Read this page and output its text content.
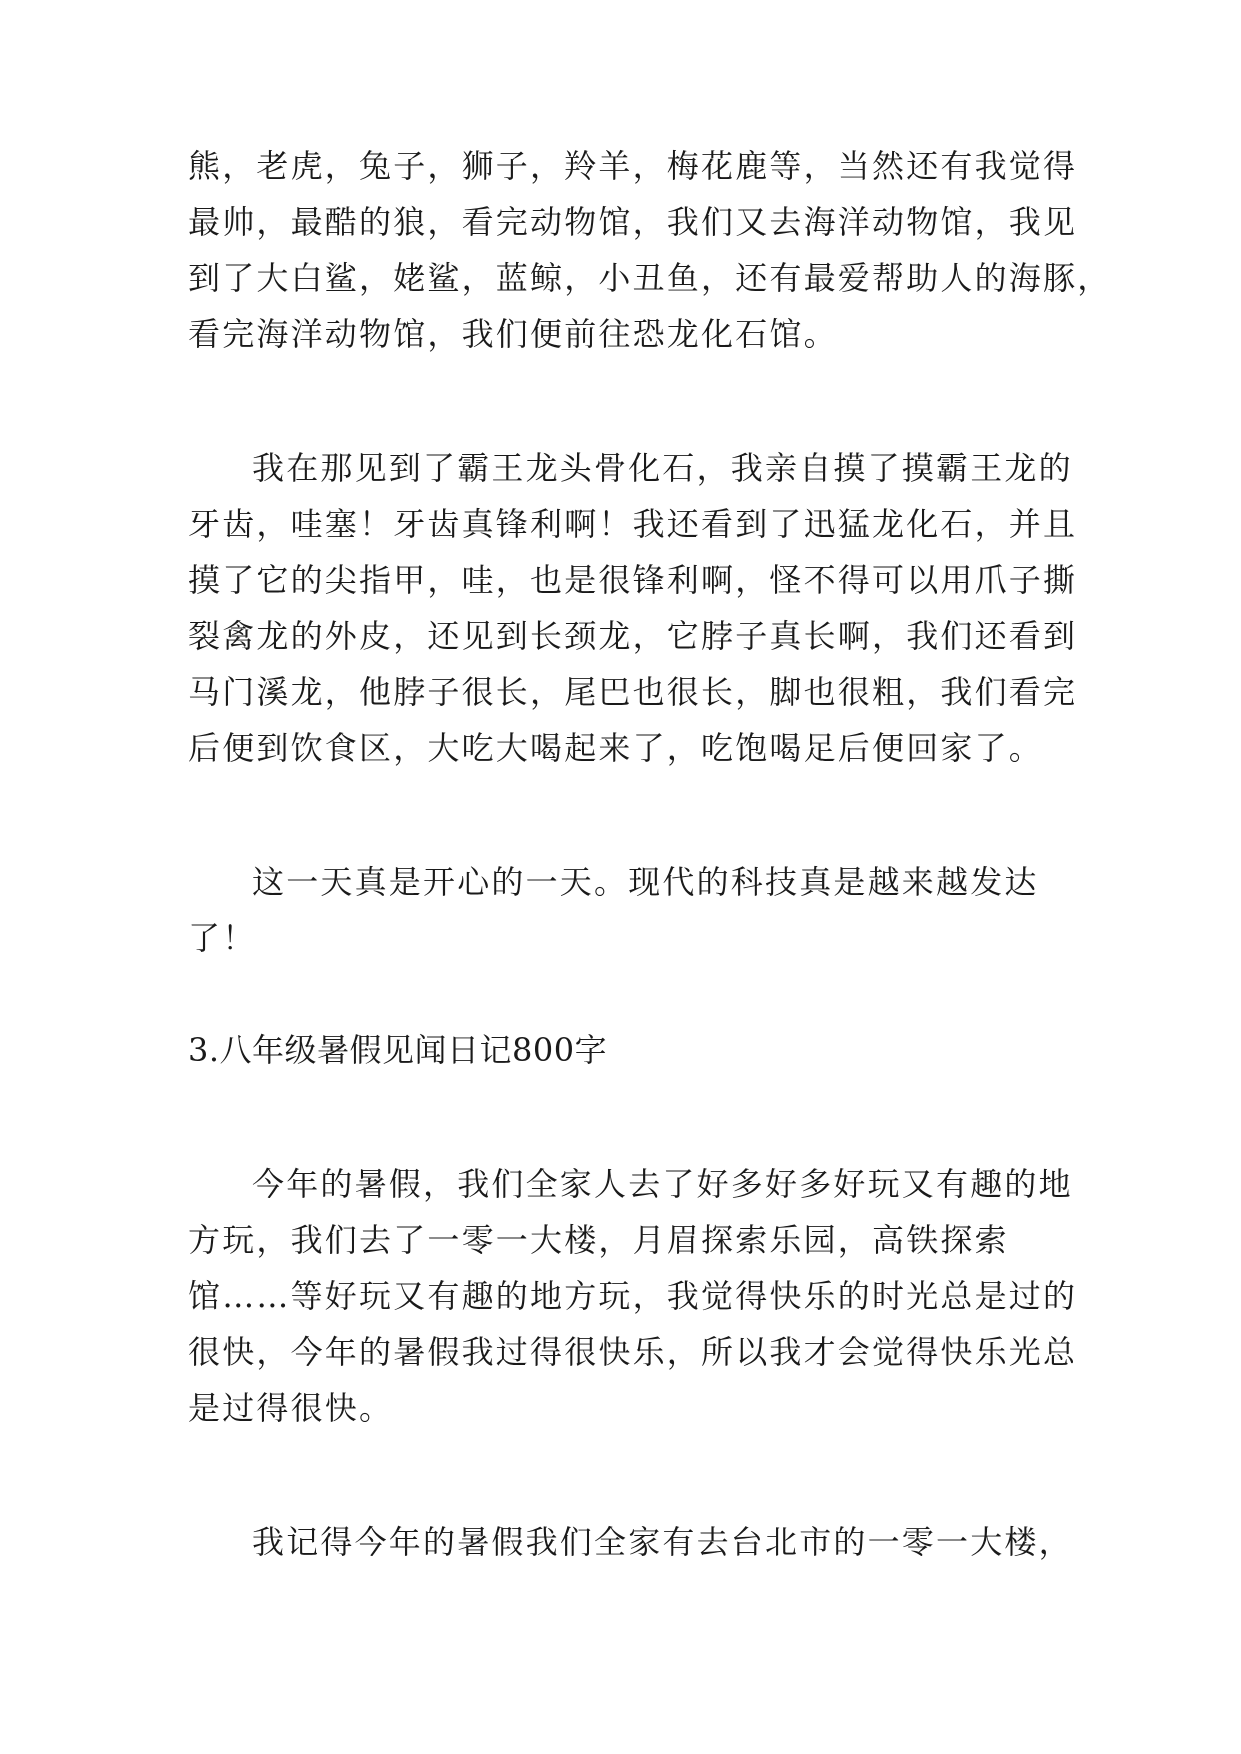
熊，老虎，兔子，狮子，羚羊，梅花鹿等，当然还有我觉得
最帅，最酷的狼，看完动物馆，我们又去海洋动物馆，我见
到了大白鲨，姥鲨，蓝鲸，小丑鱼，还有最爱帮助人的海豚，
看完海洋动物馆，我们便前往恐龙化石馆。
我在那见到了霸王龙头骨化石，我亲自摸了摸霸王龙的
牙齿，哇塞！牙齿真锋利啊！我还看到了迅猛龙化石，并且
摸了它的尖指甲，哇，也是很锋利啊，怪不得可以用爪子撕
裂禽龙的外皮，还见到长颈龙，它脖子真长啊，我们还看到
马门溪龙，他脖子很长，尾巴也很长，脚也很粗，我们看完
后便到饮食区，大吃大喝起来了，吃饱喝足后便回家了。
这一天真是开心的一天。现代的科技真是越来越发达
了！
3.八年级暑假见闻日记800字
今年的暑假，我们全家人去了好多好多好玩又有趣的地
方玩，我们去了一零一大楼，月眉探索乐园，高铁探索
馆……等好玩又有趣的地方玩，我觉得快乐的时光总是过的
很快，今年的暑假我过得很快乐，所以我才会觉得快乐光总
是过得很快。
我记得今年的暑假我们全家有去台北市的一零一大楼，
